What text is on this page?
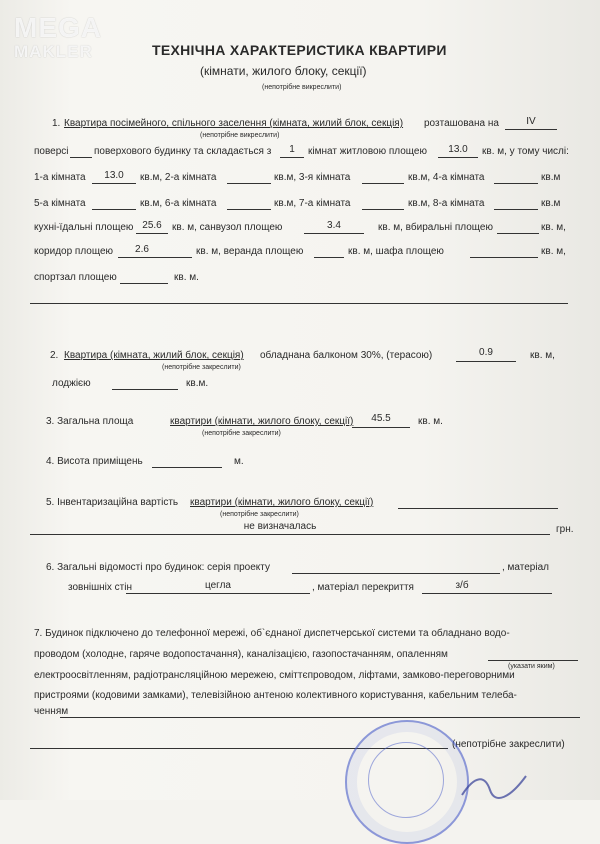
MEGA
MAKLER	ТЕХНІЧНА ХАРАКТЕРИСТИКА КВАРТИРИ
(кімнати, жилого блоку, секції)
(непотрібне викреслити)
1. Квартира посімейного, спільного заселення (кімната, жилий блок, секція) розташована на	IV
(непотрібне викреслити)
поверсі	поверхового будинку та складається з	1	кімнат житловою площею	13.0	кв. м, у тому числі:
1-а кімната	13.0	кв.м, 2-а кімната	кв.м, 3-я кімната	кв.м, 4-а кімната	кв.м
5-а кімната	кв.м, 6-а кімната	кв.м, 7-а кімната	кв.м, 8-а кімната	кв.м
кухні-їдальні площею 25.6	кв. м, санвузол площею	3.4	кв. м, вбиральні площею	кв. м,
коридор площею	2.6	кв. м, веранда площею	кв. м, шафа площею	кв. м,
спортзал площею	кв. м.
2. Квартира (кімната, жилий блок, секція) обладнана балконом 30%, (терасою)	0.9	кв. м,
(непотрібне закреслити)
лоджією	кв.м.
3. Загальна площа	квартири (кімнати, жилого блоку, секції)	45.5	кв. м.
(непотрібне закреслити)
4. Висота приміщень	м.
5. Інвентаризаційна вартість квартири (кімнати, жилого блоку, секції)
(непотрібне закреслити)
не визначалась	грн.
6. Загальні відомості про будинок: серія проекту	, матеріал
зовнішніх стін	цегла	, матеріал перекриття	з/б
7. Будинок підключено до телефонної мережі, об`єднаної диспетчерської системи та обладнано водо-
проводом (холодне, гаряче водопостачання), каналізацією, газопостачанням, опаленням
(указати яким)
електроосвітленням, радіотрансляційною мережею, сміттєпроводом, ліфтами, замково-переговорними
пристроями (кодовими замками), телевізійною антеною колективного користування, кабельним телеба-
ченням
(непотрібне закреслити)
